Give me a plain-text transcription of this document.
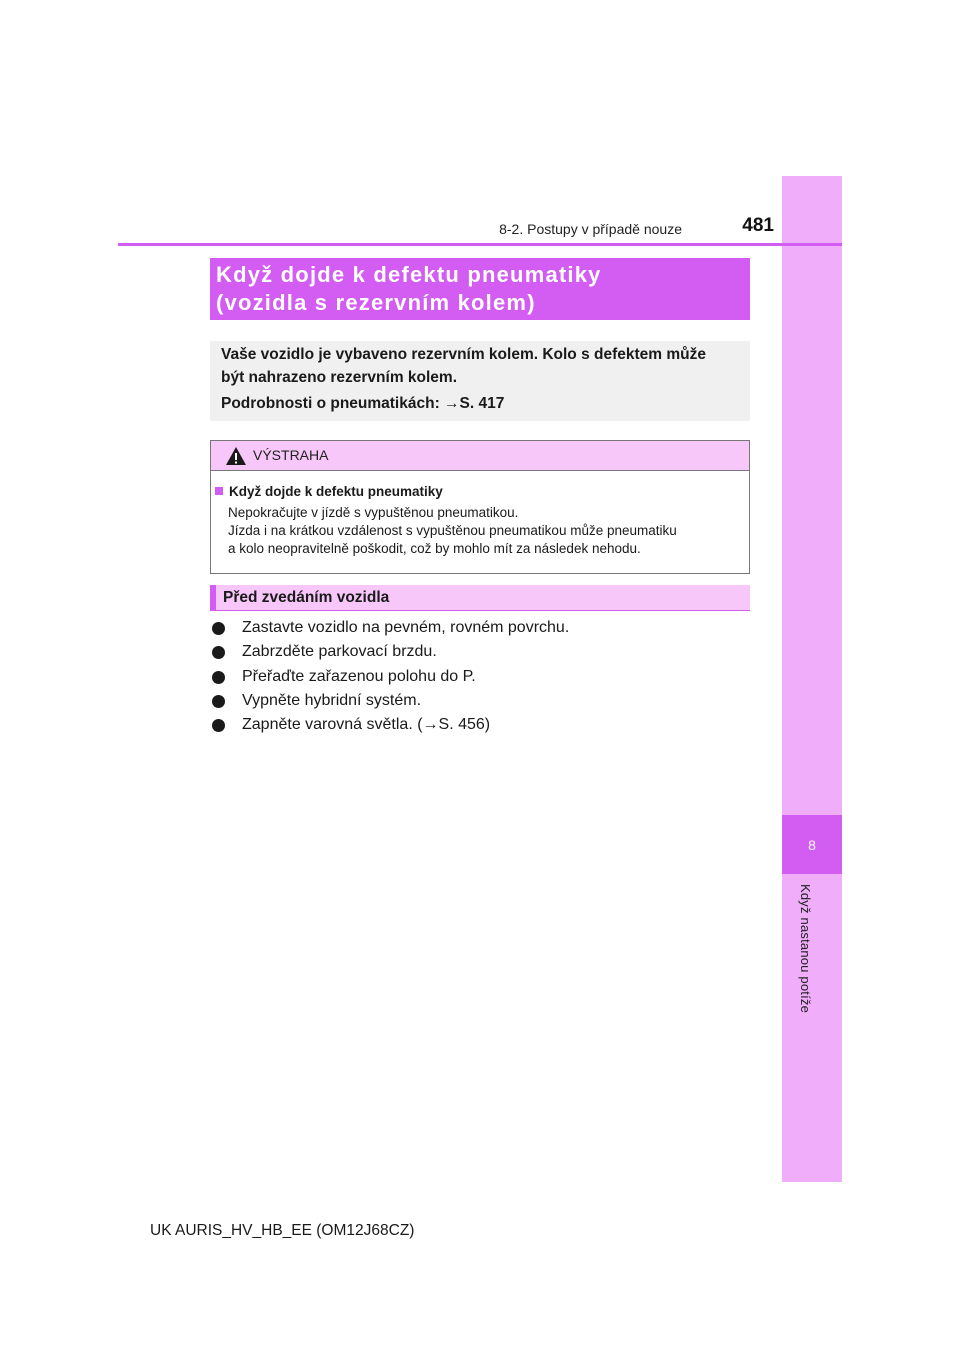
8
Když nastanou potíže
8-2. Postupy v případě nouze	481
Když dojde k defektu pneumatiky
(vozidla s rezervním kolem)

Vaše vozidlo je vybaveno rezervním kolem. Kolo s defektem může

být nahrazeno rezervním kolem.

Podrobnosti o pneumatikách: →S. 417

VÝSTRAHA
Když dojde k defektu pneumatiky
Nepokračujte v jízdě s vypuštěnou pneumatikou.
Jízda i na krátkou vzdálenost s vypuštěnou pneumatikou může pneumatiku
a kolo neopravitelně poškodit, což by mohlo mít za následek nehodu.
Před zvedáním vozidla
Zastavte vozidlo na pevném, rovném povrchu.
Zabrzděte parkovací brzdu.
Přeřaďte zařazenou polohu do P.
Vypněte hybridní systém.
Zapněte varovná světla. (→S. 456)
UK AURIS_HV_HB_EE (OM12J68CZ)
